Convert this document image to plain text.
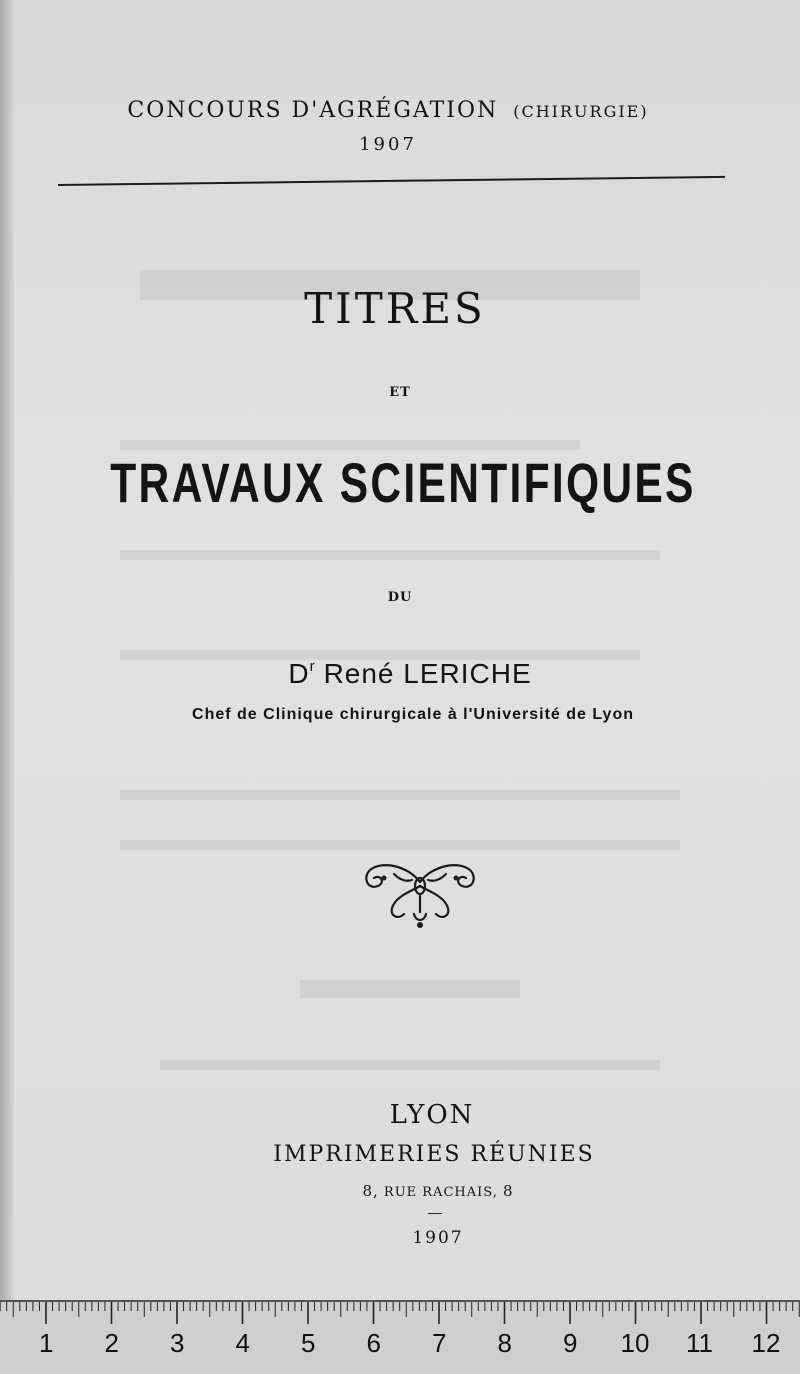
CONCOURS D'AGRÉGATION (CHIRURGIE)
1907
TITRES
ET
TRAVAUX SCIENTIFIQUES
DU
$D^r$ René LERICHE
Chef de Clinique chirurgicale à l'Université de Lyon
LYON
IMPRIMERIES RÉUNIES
8, RUE RACHAIS, 8
1907
1 2 3 4 5 6 7 8 9 10 11 12
